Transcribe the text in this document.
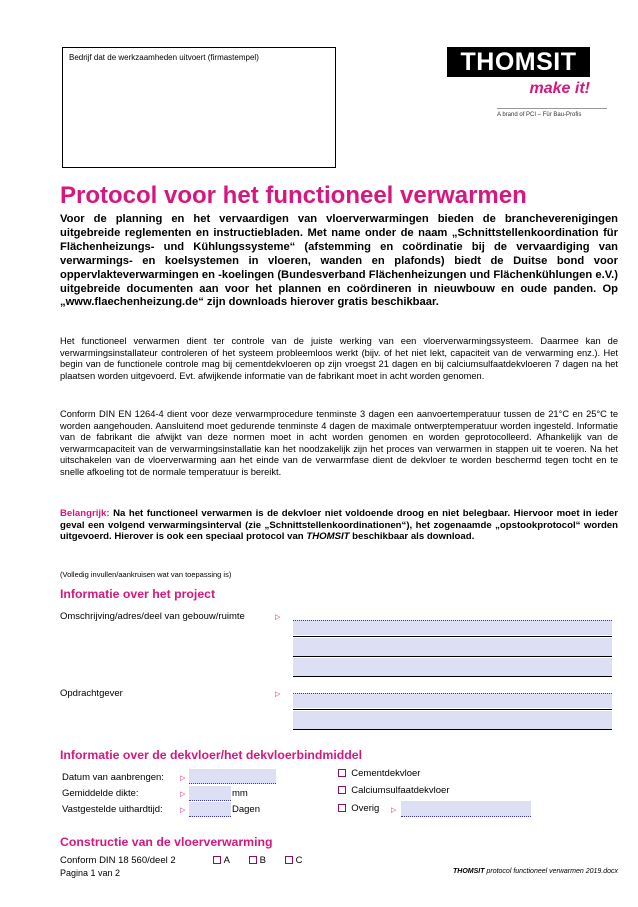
Bedrijf dat de werkzaamheden uitvoert (firmastempel)	THOMSIT
make it!
A brand of PCI – Für Bau-Profis
Protocol voor het functioneel verwarmen
Voor de planning en het vervaardigen van vloerverwarmingen bieden de brancheverenigingen uitgebreide reglementen en instructiebladen. Met name onder de naam „Schnittstellenkoordination für Flächenheizungs- und Kühlungssysteme“ (afstemming en coördinatie bij de vervaardiging van verwarmings- en koelsystemen in vloeren, wanden en plafonds) biedt de Duitse bond voor oppervlakteverwarmingen en -koelingen (Bundesverband Flächenheizungen und Flächenkühlungen e.V.) uitgebreide documenten aan voor het plannen en coördineren in nieuwbouw en oude panden. Op „www.flaechenheizung.de“ zijn downloads hierover gratis beschikbaar.
Het functioneel verwarmen dient ter controle van de juiste werking van een vloerverwarmingssysteem. Daarmee kan de verwarmingsinstallateur controleren of het systeem probleemloos werkt (bijv. of het niet lekt, capaciteit van de verwarming enz.). Het begin van de functionele controle mag bij cementdekvloeren op zijn vroegst 21 dagen en bij calciumsulfaatdekvloeren 7 dagen na het plaatsen worden uitgevoerd. Evt. afwijkende informatie van de fabrikant moet in acht worden genomen.
Conform DIN EN 1264-4 dient voor deze verwarmprocedure tenminste 3 dagen een aanvoertemperatuur tussen de 21°C en 25°C te worden aangehouden. Aansluitend moet gedurende tenminste 4 dagen de maximale ontwerptemperatuur worden ingesteld. Informatie van de fabrikant die afwijkt van deze normen moet in acht worden genomen en worden geprotocolleerd. Afhankelijk van de verwarmcapaciteit van de verwarmingsinstallatie kan het noodzakelijk zijn het proces van verwarmen in stappen uit te voeren. Na het uitschakelen van de vloerverwarming aan het einde van de verwarmfase dient de dekvloer te worden beschermd tegen tocht en te snelle afkoeling tot de normale temperatuur is bereikt.
Belangrijk: Na het functioneel verwarmen is de dekvloer niet voldoende droog en niet belegbaar. Hiervoor moet in ieder geval een volgend verwarmingsinterval (zie „Schnittstellenkoordinationen“), het zogenaamde „opstookprotocol“ worden uitgevoerd. Hierover is ook een speciaal protocol van THOMSIT beschikbaar als download.
(Volledig invullen/aankruisen wat van toepassing is)
Informatie over het project
Omschrijving/adres/deel van gebouw/ruimte	▷
Opdrachtgever	▷
Informatie over de dekvloer/het dekvloerbindmiddel
Datum van aanbrengen: ▷
Gemiddelde dikte:	▷	mm
Vastgestelde uithardtijd: ▷	Dagen
Cementdekvloer
Calciumsulfaatdekvloer
Overig ▷
Constructie van de vloerverwarming
Conform DIN 18 560/deel 2	A	B	C
Pagina 1 van 2	THOMSIT protocol functioneel verwarmen 2019.docx
